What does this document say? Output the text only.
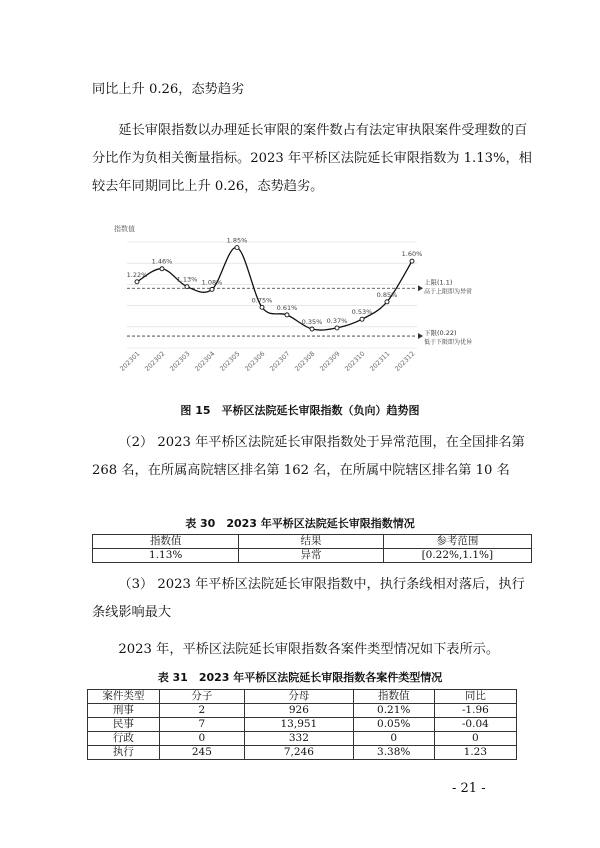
同比上升 0.26，态势趋劣

延长审限指数以办理延长审限的案件数占有法定审执限案件受理数的百分比作为负相关衡量指标。2023 年平桥区法院延长审限指数为 1.13%，相较去年同期同比上升 0.26，态势趋劣。

指数值
上限(1.1)
高于上限即为异常
下限(0.22)
低于下限即为优异
1.22%
1.46%
1.13% 1.08%
1.85%
0.75%
0.61%
0.35% 0.37%
0.53%
0.85%
1.60%
202301 202302 202303 202304 202305 202306 202307 202308 202309 202310 202311 202312
图 15　平桥区法院延长审限指数（负向）趋势图

（2） 2023 年平桥区法院延长审限指数处于异常范围，在全国排名第 268 名，在所属高院辖区排名第 162 名，在所属中院辖区排名第 10 名

表 30　2023 年平桥区法院延长审限指数情况
指数值	结果	参考范围
1.13%	异常	[0.22%,1.1%]

（3） 2023 年平桥区法院延长审限指数中，执行条线相对落后，执行条线影响最大

2023 年，平桥区法院延长审限指数各案件类型情况如下表所示。

表 31　2023 年平桥区法院延长审限指数各案件类型情况
案件类型	分子	分母	指数值	同比
刑事	2	926	0.21%	-1.96
民事	7	13,951	0.05%	-0.04
行政	0	332	0	0
执行	245	7,246	3.38%	1.23
- 21 -
